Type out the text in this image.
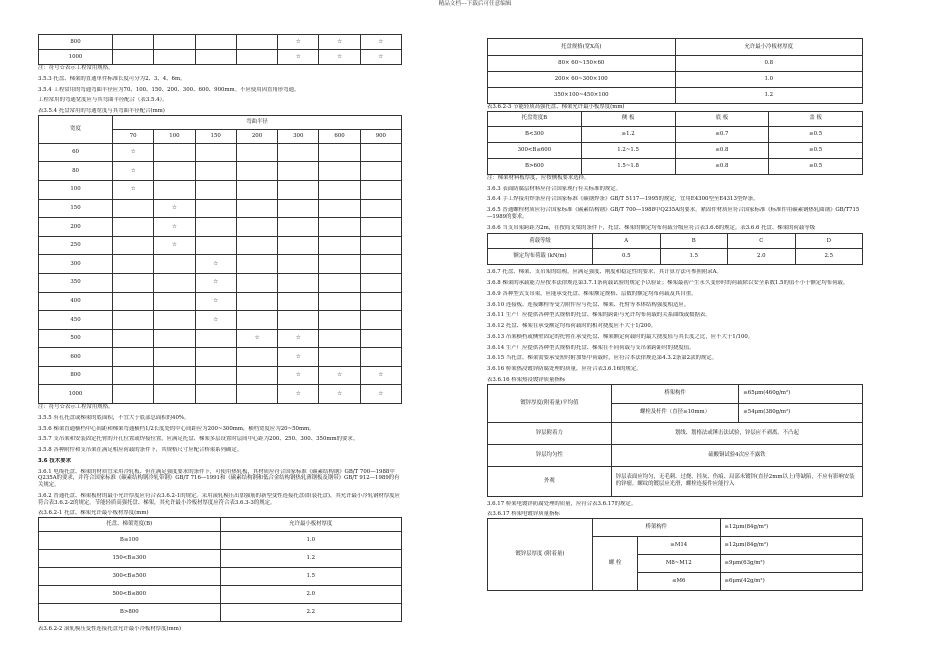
精品文档---下载后可任意编辑
800					☆	☆	☆
1000					☆	☆	☆

注：符号☆表示工程常用规格。

3.5.3 托盘、梯架的直通单件标准长度可分为2、3、4、6m。

3.5.4 工程常用的弯通弯曲半径应为70、100、150、200、300、600、900mm。不应使用因直角形弯通。

工程常用的弯通宽度应与其弯曲半径配合（表3.5.4）。

表3.5.4 托盘常用的弯通宽度与其弯曲半径配合(mm)

宽度	弯曲半径						
	70	100	150	200	300	600	900
60	☆						
80	☆						
100	☆						
150		☆					
200		☆					
250		☆					
300			☆				
350			☆				
400			☆				
450			☆				
500				☆	☆		
600					☆		
800					☆	☆	☆
1000					☆	☆	☆

注：符号☆表示工程常用规格。

3.5.5 有孔托盘或梯架的底面积，不宜大于底部总面积的40%。

3.5.6 梯架直通横档中心间距和梯架弯通横档1/2长度处的中心间距应为200~300mm，横档宽度应为20~50mm。

3.5.7 支吊架和安装固定托臂的开孔位置或焊接位置，应满足托盘、梯架多层设置时层间中心距为200、250、300、350mm的要求。

3.5.8 各种附件和支吊架在满足相应荷载的条件下，其规格尺寸应配合桥架系列确定。

3.6 技术要求

3.6.1 电缆托盘、梯架的材质宜采用冷轧板、但在满足强度要求的条件下，可使用热轧板，其材质应符合国家标准《碳素结构钢》GB/T 700—1988中Q235A的要求，并符合国家标准《碳素结构钢冷轧带钢》GB/T 716—1991和《碳素结构钢和低合金结构钢热轧薄钢板及钢带》GB/T 912—1989的有关规定。

3.6.2 普通托盘、梯架板材的最小允许厚度应符合表3.6.2-1的规定。采用滚轧模压出加强筋的新型变性连接托盘(组装托盘)，其允许最小冷轧钢材厚度应符合表3.6.2-2的规定。节能轻质高强托盘、梯架，其允许最小冷板材厚度应符合表3.6.3-3的规定。

表3.6.2-1 托盘、梯架允许最小板材厚度(mm)

托盘、梯架宽度(B)	允许最小板材厚度
B≤100	1.0
150<B≤300	1.2
300<B≤500	1.5
500<B≤800	2.0
B>800	2.2

表3.6.2-2 滚轧模压变性连接托盘允许最小冷板材厚度(mm)

托盘规格(宽X高)	允许最小冷板材厚度
80× 60~150×60	0.8
200× 60~300×100	1.0
350×100~450×100	1.2

表3.6.2-3 节能轻质高强托盘、梯架允许最小板厚度(mm)

托盘宽度B	侧 板	底 板	盖 板
B<300	≥1.2	≥0.7	≥0.5
300<B≤600	1.2~1.5	≥0.8	≥0.5
B>600	1.5~1.8	≥0.8	≥0.5

注：梯架材料板厚度，应按侧板要求选择。

3.6.3 表面防腐层材料应符合国家现行有关标准的规定。

3.6.4 手工焊接用焊条应符合国家标准《碳钢焊条》GB/T 5117—1995的规定，宜用E4300型至E4313型焊条。

3.6.5 普通螺栓材质应符合国家标准《碳素结构钢》GB/T 700—1988中Q235A的要求。紧固件材质应符合国家标准《标准件用碳素钢热轧圆钢》GB/T715—1989的要求。

3.6.6 当支吊架跨距为2m，在按简支梁的条件下，托盘、梯架的额定均布荷载分级应符合表3.6.6的规定。表3.6.6 托盘、梯架的荷载等级

荷载等级	A	B	C	D
额定均布荷载 (kN/m)	0.5	1.5	2.0	2.5

3.6.7 托盘、梯架、支吊架的结构，应满足强度、刚度和稳定性的要求，其计算方法可参照附录A。

3.6.8 梯架的承载能力应按本法律规范第3.7.1条荷载试验的规定予以验证；梯架最初产生永久变形时的荷载除以安全系数1.5的值不小于额定均布荷载。

3.6.9 各种型式支吊架，应能承受托盘、梯架额定规格、层数的额定均布荷载及其自重。

3.6.10 连接板、连接螺栓等受力附件应与托盘、梯架、托臂等本体结构强度相适应。

3.6.11 生产厂应提供各种型式规格的托盘、梯架的跨距与允许均布荷载的关系曲线或数据表。

3.6.12 托盘、梯架在承受额定均布荷载时的相对挠度应不大于1/200。

3.6.13 吊架横档或侧壁固定的托臂在承受托盘、梯架额定荷载时的最大挠度值与其长度之比，应不大于1/100。

3.6.14 生产厂应提供各种型式规格的托盘、梯架在不同荷载与支吊架跨距时的挠度值。

3.6.15 当托盘、梯架需要承受短时附加集中荷载时，应符合本法律规范第4.3.2条第2款的规定。

3.6.16 桥架热浸镀锌防腐处理的质量，应符合表3.6.16的规定。

表3.6.16 桥架热浸镀锌质量指标

镀锌厚度(附着量)平均值	桥架构件	≥65μm(460g/m²)
	螺栓及杆件（直径≥10mm）	≥54μm(380g/m²)
锌层附着力	划线、划格法或锤击法试验，锌层应不剥离、不凸起	
锌层均匀性	硫酸铜试验4次应不露铁	
外观	锌层表面应均匀，无毛刺、过烧、挂灰、伤痕、局部未镀锌(直径2mm以上)等缺陷，不应有影响安装的锌瘤。螺纹的镀层应光滑，螺栓连接件应能拧入	

3.6.17 桥架电镀锌防腐处理的质量，应符合表3.6.17的规定。

表3.6.17 桥架电镀锌质量指标

镀锌层厚度 (附着量)	桥架构件		≥12μm(84g/m²)
	螺 栓	≥M14	≥12μm(84g/m²)
		M8~M12	≥9μm(63g/m²)
		≤M6	≥6μm(42g/m²)
